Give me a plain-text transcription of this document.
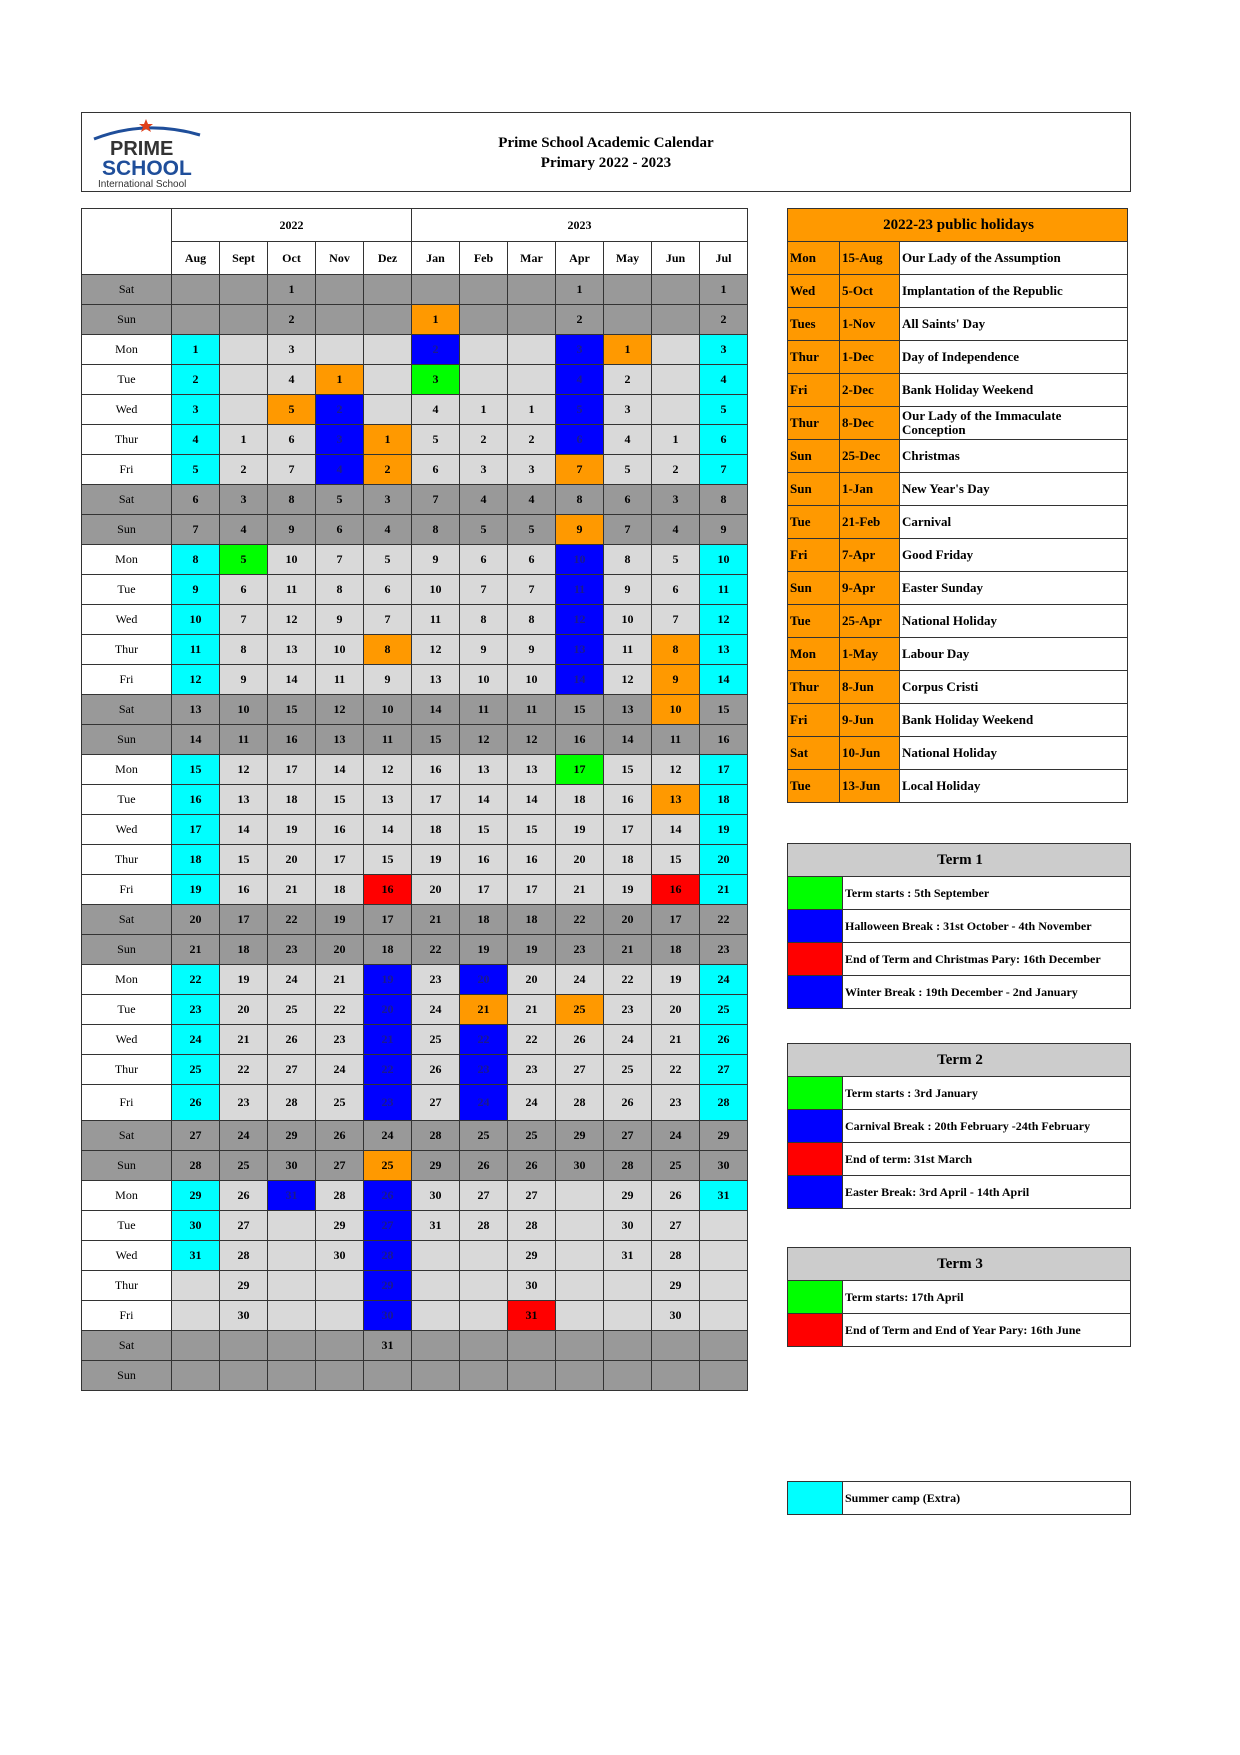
PRIME
SCHOOL
International School
Prime School Academic Calendar
Primary 2022 - 2023
	2022					2023						
	Aug	Sept	Oct	Nov	Dez	Jan	Feb	Mar	Apr	May	Jun	Jul
Sat			1						1			1
Sun			2			1			2			2
Mon	1		3			2			3	1		3
Tue	2		4	1		3			4	2		4
Wed	3		5	2		4	1	1	5	3		5
Thur	4	1	6	3	1	5	2	2	6	4	1	6
Fri	5	2	7	4	2	6	3	3	7	5	2	7
Sat	6	3	8	5	3	7	4	4	8	6	3	8
Sun	7	4	9	6	4	8	5	5	9	7	4	9
Mon	8	5	10	7	5	9	6	6	10	8	5	10
Tue	9	6	11	8	6	10	7	7	11	9	6	11
Wed	10	7	12	9	7	11	8	8	12	10	7	12
Thur	11	8	13	10	8	12	9	9	13	11	8	13
Fri	12	9	14	11	9	13	10	10	14	12	9	14
Sat	13	10	15	12	10	14	11	11	15	13	10	15
Sun	14	11	16	13	11	15	12	12	16	14	11	16
Mon	15	12	17	14	12	16	13	13	17	15	12	17
Tue	16	13	18	15	13	17	14	14	18	16	13	18
Wed	17	14	19	16	14	18	15	15	19	17	14	19
Thur	18	15	20	17	15	19	16	16	20	18	15	20
Fri	19	16	21	18	16	20	17	17	21	19	16	21
Sat	20	17	22	19	17	21	18	18	22	20	17	22
Sun	21	18	23	20	18	22	19	19	23	21	18	23
Mon	22	19	24	21	19	23	20	20	24	22	19	24
Tue	23	20	25	22	20	24	21	21	25	23	20	25
Wed	24	21	26	23	21	25	22	22	26	24	21	26
Thur	25	22	27	24	22	26	23	23	27	25	22	27
Fri	26	23	28	25	23	27	24	24	28	26	23	28
Sat	27	24	29	26	24	28	25	25	29	27	24	29
Sun	28	25	30	27	25	29	26	26	30	28	25	30
Mon	29	26	31	28	26	30	27	27		29	26	31
Tue	30	27		29	27	31	28	28		30	27	
Wed	31	28		30	28			29		31	28	
Thur		29			29			30			29	
Fri		30			30			31			30	
Sat					31							
Sun												
2022-23 public holidays		
Mon	15-Aug	Our Lady of the Assumption
Wed	5-Oct	Implantation of the Republic
Tues	1-Nov	All Saints' Day
Thur	1-Dec	Day of Independence
Fri	2-Dec	Bank Holiday Weekend
Thur	8-Dec	Our Lady of the Immaculate Conception
Sun	25-Dec	Christmas
Sun	1-Jan	New Year's Day
Tue	21-Feb	Carnival
Fri	7-Apr	Good Friday
Sun	9-Apr	Easter Sunday
Tue	25-Apr	National Holiday
Mon	1-May	Labour Day
Thur	8-Jun	Corpus Cristi
Fri	9-Jun	Bank Holiday Weekend
Sat	10-Jun	National Holiday
Tue	13-Jun	Local Holiday
Term 1	
	Term starts : 5th September
	Halloween Break : 31st October - 4th November
	End of Term and Christmas Pary: 16th December
	Winter Break : 19th December - 2nd January
Term 2	
	Term starts : 3rd January
	Carnival Break : 20th February -24th February
	End of term: 31st March
	Easter Break: 3rd April - 14th April
Term 3	
	Term starts: 17th April
	End of Term and End of Year Pary: 16th June
	Summer camp (Extra)
